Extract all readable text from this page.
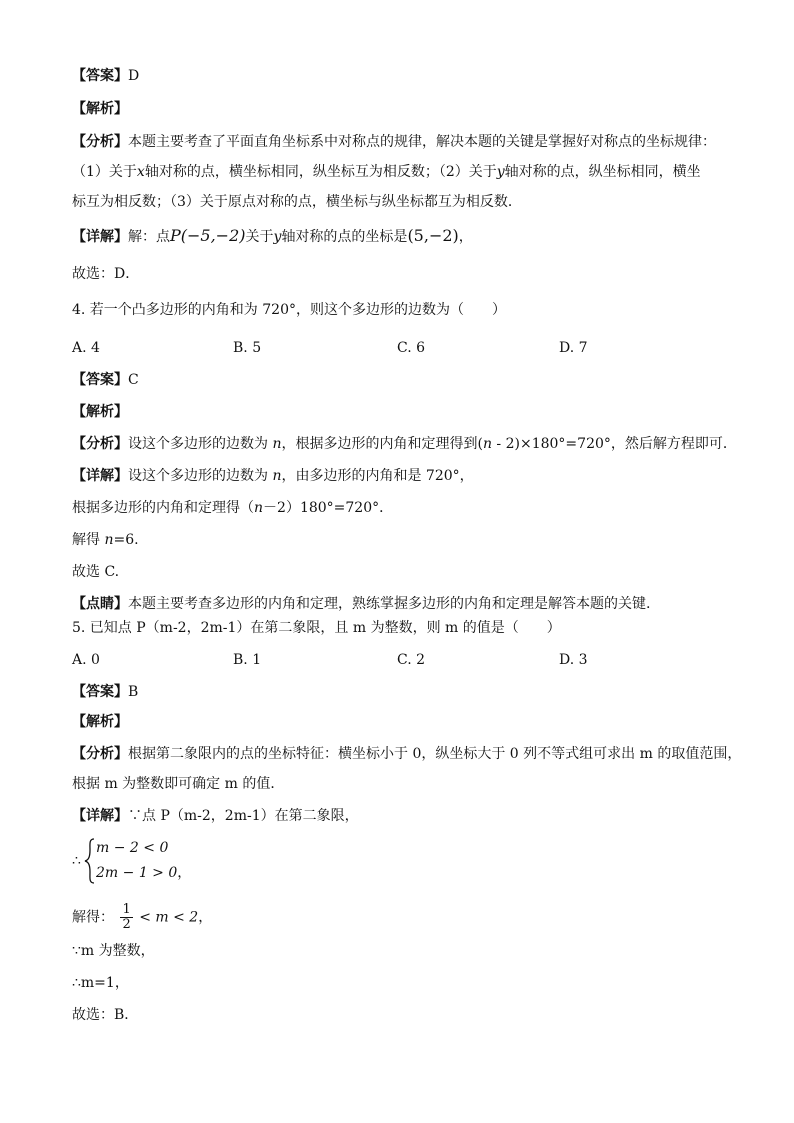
【答案】D
【解析】
【分析】本题主要考查了平面直角坐标系中对称点的规律，解决本题的关键是掌握好对称点的坐标规律：
（1）关于x轴对称的点，横坐标相同，纵坐标互为相反数；（2）关于y轴对称的点，纵坐标相同，横坐
标互为相反数；（3）关于原点对称的点，横坐标与纵坐标都互为相反数．
【详解】解：点P(−5,−2)关于y轴对称的点的坐标是(5,−2)，
故选：D．
4. 若一个凸多边形的内角和为 720°，则这个多边形的边数为（　　）
A. 4	B. 5	C. 6	D. 7
【答案】C
【解析】
【分析】设这个多边形的边数为 n，根据多边形的内角和定理得到(n - 2)×180°=720°，然后解方程即可．
【详解】设这个多边形的边数为 n，由多边形的内角和是 720°，
根据多边形的内角和定理得（n－2）180°=720°．
解得 n=6.
故选 C.
【点睛】本题主要考查多边形的内角和定理，熟练掌握多边形的内角和定理是解答本题的关键.
5. 已知点 P（m-2，2m-1）在第二象限，且 m 为整数，则 m 的值是（　　）
A. 0	B. 1	C. 2	D. 3
【答案】B
【解析】
【分析】根据第二象限内的点的坐标特征：横坐标小于 0，纵坐标大于 0 列不等式组可求出 m 的取值范围，
根据 m 为整数即可确定 m 的值．
【详解】∵点 P（m-2，2m-1）在第二象限，
∴
m − 2 < 0
2m − 1 > 0，
解得： $\frac{1}{2} < m < 2$，
∵m 为整数，
∴m=1，
故选：B．
